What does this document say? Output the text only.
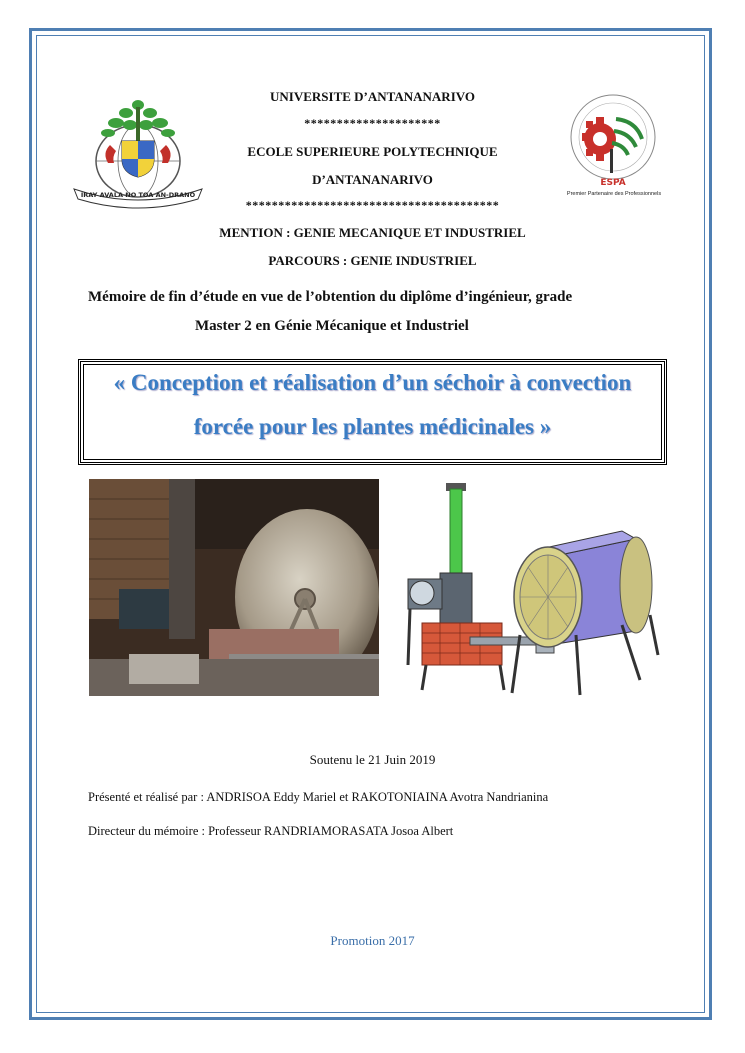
IRAY AVALA NO TOA AN-DRANO
ESPA
Premier Partenaire des Professionnels
UNIVERSITE D’ANTANANARIVO
*********************
ECOLE SUPERIEURE POLYTECHNIQUE
D’ANTANANARIVO
***************************************
MENTION : GENIE MECANIQUE ET INDUSTRIEL
PARCOURS : GENIE INDUSTRIEL
Mémoire de fin d’étude en vue de l’obtention du diplôme d’ingénieur, grade
Master 2 en Génie Mécanique et Industriel
« Conception et réalisation d’un séchoir à convection
forcée pour les plantes médicinales »
Soutenu le 21 Juin 2019
Présenté et réalisé par : ANDRISOA Eddy Mariel et RAKOTONIAINA Avotra Nandrianina
Directeur du mémoire : Professeur RANDRIAMORASATA Josoa Albert
Promotion 2017
